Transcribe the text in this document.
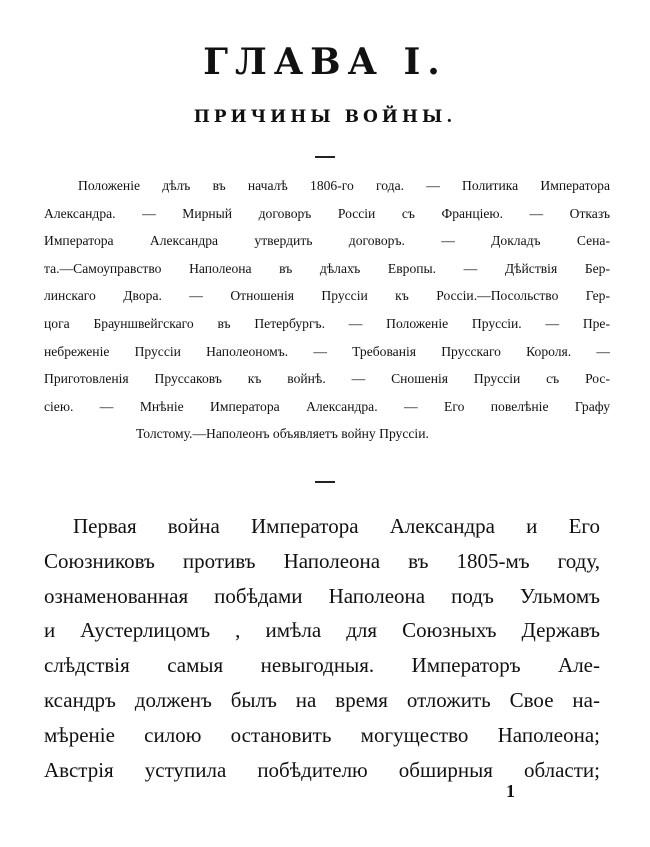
ГЛАВА I.
ПРИЧИНЫ ВОЙНЫ.

Положенiе дѣлъ въ началѣ 1806-го года. — Политика Императора
Александра. — Мирный договоръ Россiи съ Францiею. — Отказъ
Императора Александра утвердить договоръ. — Докладъ Сена-
та.—Самоуправство Наполеона въ дѣлахъ Европы. — Дѣйствiя Бер-
линскаго Двора. — Отношенiя Пруссiи къ Россiи.—Посольство Гер-
цога Брауншвейгскаго въ Петербургъ. — Положенiе Пруссiи. — Пре-
небреженiе Пруссiи Наполеономъ. — Требованiя Прусскаго Короля. —
Приготовленiя Пруссаковъ къ войнѣ. — Сношенiя Пруссiи съ Рос-
сiею. — Мнѣнiе Императора Александра. — Его повелѣнiе Графу
Толстому.—Наполеонъ объявляетъ войну Пруссiи.

Первая война Императора Александра и Его
Союзниковъ противъ Наполеона въ 1805-мъ году,
ознаменованная побѣдами Наполеона подъ Ульмомъ
и Аустерлицомъ , имѣла для Союзныхъ Державъ
слѣдствiя самыя невыгодныя. Императоръ Але-
ксандръ долженъ былъ на время отложить Свое на-
мѣренiе силою остановить могущество Наполеона;
Австрiя уступила побѣдителю обширныя области;

1
